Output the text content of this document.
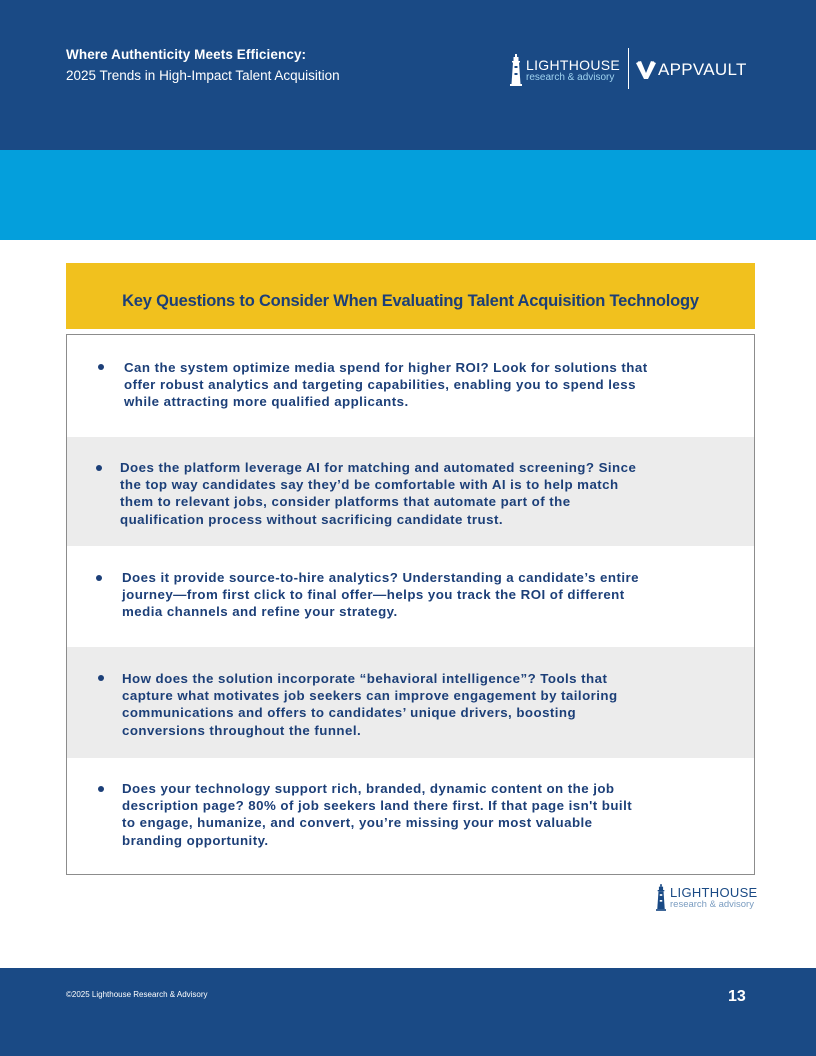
Where Authenticity Meets Efficiency:
2025 Trends in High-Impact Talent Acquisition
LIGHTHOUSE
research & advisory	APPVAULT
Key Questions to Consider When Evaluating Talent Acquisition Technology
Can the system optimize media spend for higher ROI? Look for solutions that
offer robust analytics and targeting capabilities, enabling you to spend less
while attracting more qualified applicants.
Does the platform leverage AI for matching and automated screening? Since
the top way candidates say they’d be comfortable with AI is to help match
them to relevant jobs, consider platforms that automate part of the
qualification process without sacrificing candidate trust.
Does it provide source-to-hire analytics? Understanding a candidate’s entire
journey—from first click to final offer—helps you track the ROI of different
media channels and refine your strategy.
How does the solution incorporate “behavioral intelligence”? Tools that
capture what motivates job seekers can improve engagement by tailoring
communications and offers to candidates’ unique drivers, boosting
conversions throughout the funnel.
Does your technology support rich, branded, dynamic content on the job
description page? 80% of job seekers land there first. If that page isn't built
to engage, humanize, and convert, you’re missing your most valuable
branding opportunity.
LIGHTHOUSE
research & advisory
©2025 Lighthouse Research & Advisory	13
